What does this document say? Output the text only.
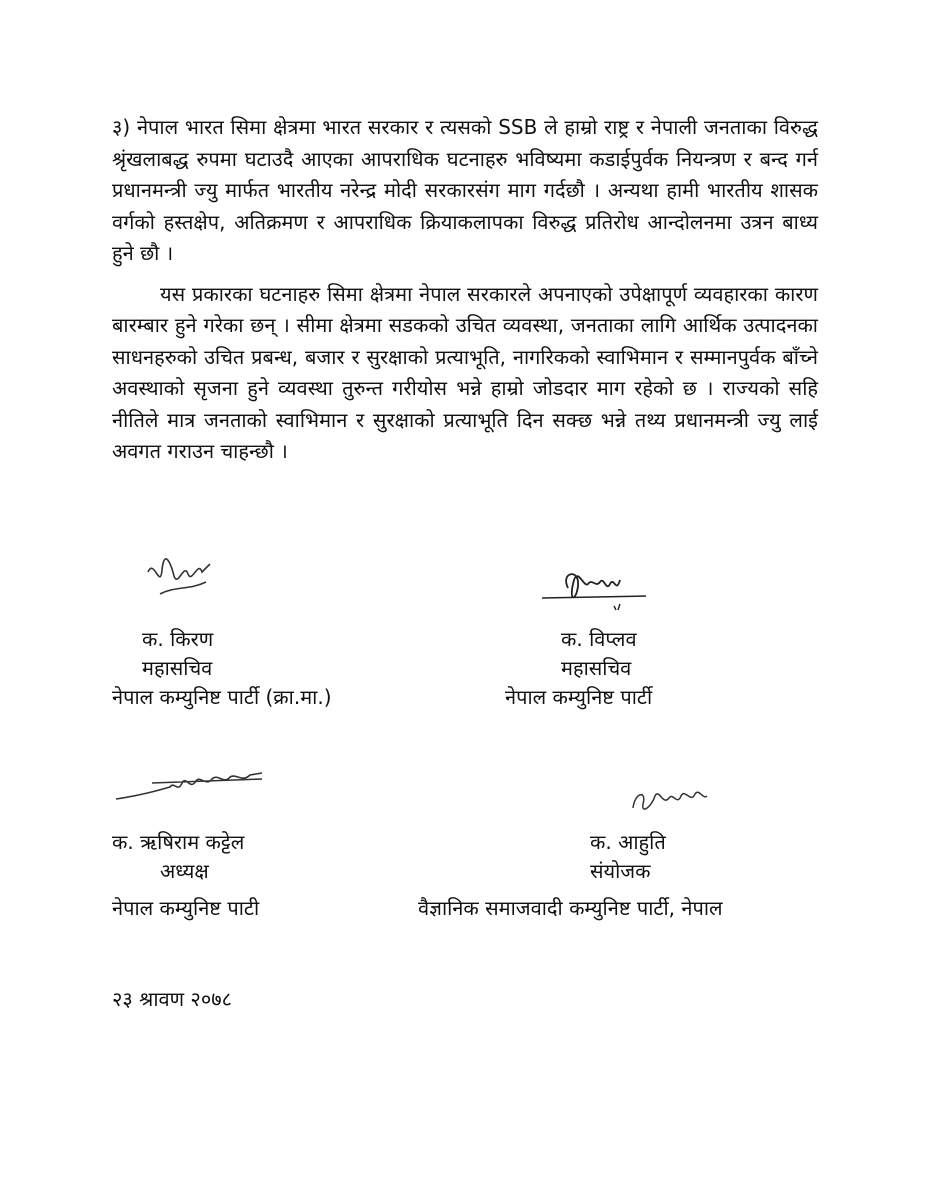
३) नेपाल भारत सिमा क्षेत्रमा भारत सरकार र त्यसको SSB ले हाम्रो राष्ट्र र नेपाली जनताका विरुद्ध श्रृंखलाबद्ध रुपमा घटाउदै आएका आपराधिक घटनाहरु भविष्यमा कडाईपुर्वक नियन्त्रण र बन्द गर्न प्रधानमन्त्री ज्यु मार्फत भारतीय नरेन्द्र मोदी सरकारसंग माग गर्दछौ । अन्यथा हामी भारतीय शासक वर्गको हस्तक्षेप, अतिक्रमण र आपराधिक क्रियाकलापका विरुद्ध प्रतिरोध आन्दोलनमा उत्रन बाध्य हुने छौ ।

यस प्रकारका घटनाहरु सिमा क्षेत्रमा नेपाल सरकारले अपनाएको उपेक्षापूर्ण व्यवहारका कारण बारम्बार हुने गरेका छन् । सीमा क्षेत्रमा सडकको उचित व्यवस्था, जनताका लागि आर्थिक उत्पादनका साधनहरुको उचित प्रबन्ध, बजार र सुरक्षाको प्रत्याभूति, नागरिकको स्वाभिमान र सम्मानपुर्वक बाँच्ने अवस्थाको सृजना हुने व्यवस्था तुरुन्त गरीयोस भन्ने हाम्रो जोडदार माग रहेको छ । राज्यको सहि नीतिले मात्र जनताको स्वाभिमान र सुरक्षाको प्रत्याभूति दिन सक्छ भन्ने तथ्य प्रधानमन्त्री ज्यु लाई अवगत गराउन चाहन्छौ ।

क. किरण
महासचिव
नेपाल कम्युनिष्ट पार्टी (क्रा.मा.)
क. विप्लव
महासचिव
नेपाल कम्युनिष्ट पार्टी
क. ऋषिराम कट्टेल
अध्यक्ष
नेपाल कम्युनिष्ट पाटी
क. आहुति
संयोजक
वैज्ञानिक समाजवादी कम्युनिष्ट पार्टी, नेपाल
२३ श्रावण २०७८
